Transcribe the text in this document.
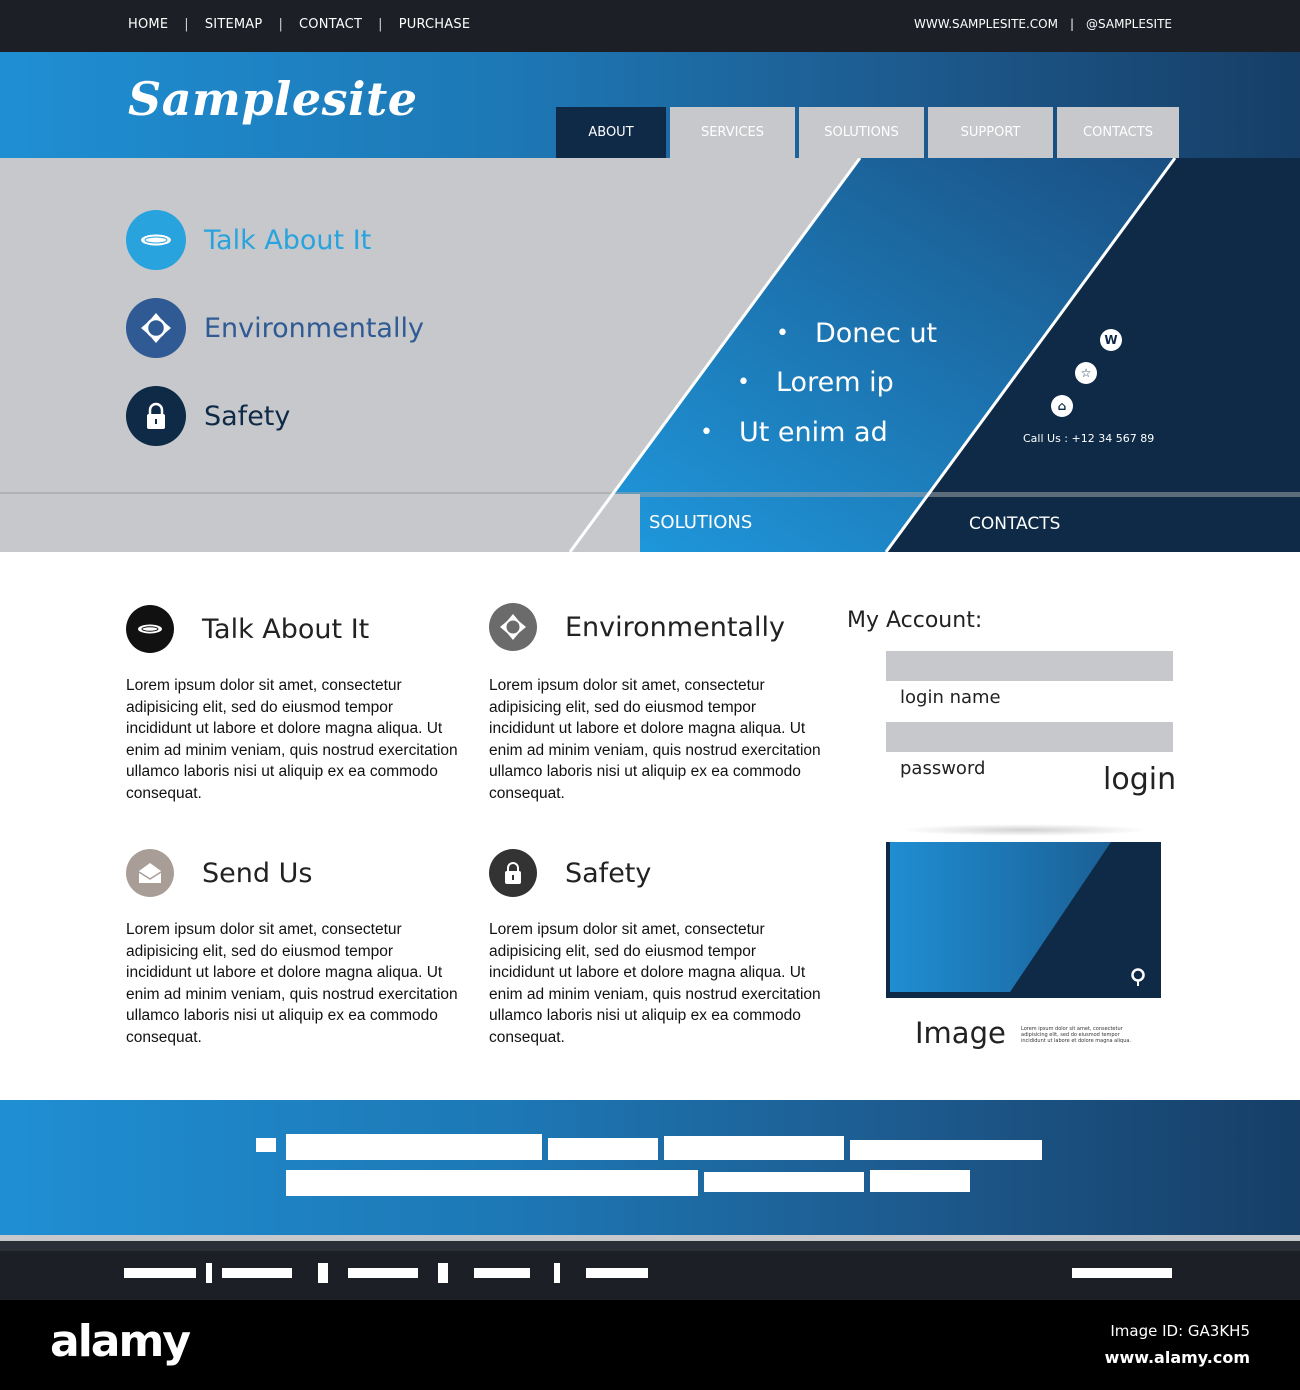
HOME | SITEMAP | CONTACT | PURCHASE	WWW.SAMPLESITE.COM | @SAMPLESITE
Samplesite
ABOUT	SERVICES	SOLUTIONS	SUPPORT	CONTACTS
Talk About It
Environmentally
Safety
• Donec ut
• Lorem ip
• Ut enim ad
W
☆
⌂
Call Us : +12 34 567 89
SOLUTIONS	CONTACTS
Talk About It

Lorem ipsum dolor sit amet, consectetur adipisicing elit, sed do eiusmod tempor incididunt ut labore et dolore magna aliqua. Ut enim ad minim veniam, quis nostrud exercitation ullamco laboris nisi ut aliquip ex ea commodo consequat.

Environmentally

Lorem ipsum dolor sit amet, consectetur adipisicing elit, sed do eiusmod tempor incididunt ut labore et dolore magna aliqua. Ut enim ad minim veniam, quis nostrud exercitation ullamco laboris nisi ut aliquip ex ea commodo consequat.

Send Us

Lorem ipsum dolor sit amet, consectetur adipisicing elit, sed do eiusmod tempor incididunt ut labore et dolore magna aliqua. Ut enim ad minim veniam, quis nostrud exercitation ullamco laboris nisi ut aliquip ex ea commodo consequat.

Safety

Lorem ipsum dolor sit amet, consectetur adipisicing elit, sed do eiusmod tempor incididunt ut labore et dolore magna aliqua. Ut enim ad minim veniam, quis nostrud exercitation ullamco laboris nisi ut aliquip ex ea commodo consequat.

My Account:
login name
password	login
Image	Lorem ipsum dolor sit amet, consectetur adipisicing elit, sed do eiusmod tempor incididunt ut labore et dolore magna aliqua.
alamy	Image ID: GA3KH5
www.alamy.com
